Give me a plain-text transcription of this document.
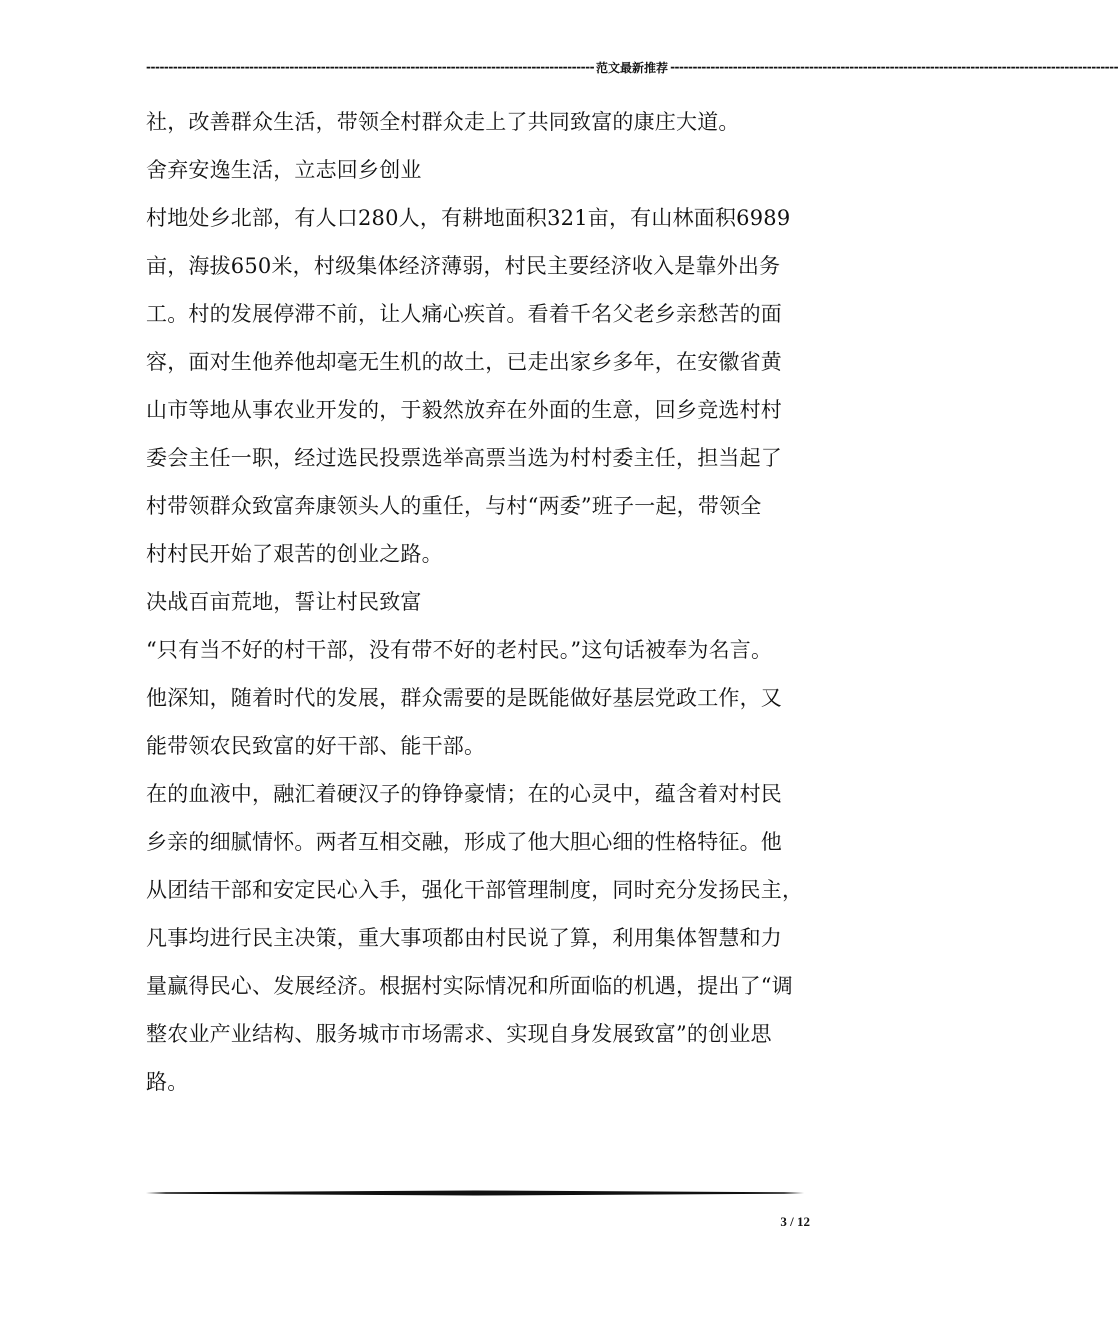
---------------------------------------------------------------------------------------------------- 范文最新推荐 ----------------------------------------------------------------------------------------------------
社，改善群众生活，带领全村群众走上了共同致富的康庄大道。
舍弃安逸生活，立志回乡创业
村地处乡北部，有人口280人，有耕地面积321亩，有山林面积6989
亩，海拔650米，村级集体经济薄弱，村民主要经济收入是靠外出务
工。村的发展停滞不前，让人痛心疾首。看着千名父老乡亲愁苦的面
容，面对生他养他却毫无生机的故土，已走出家乡多年，在安徽省黄
山市等地从事农业开发的，于毅然放弃在外面的生意，回乡竞选村村
委会主任一职，经过选民投票选举高票当选为村村委主任，担当起了
村带领群众致富奔康领头人的重任，与村“两委”班子一起，带领全
村村民开始了艰苦的创业之路。
决战百亩荒地，誓让村民致富
“只有当不好的村干部，没有带不好的老村民。”这句话被奉为名言。
他深知，随着时代的发展，群众需要的是既能做好基层党政工作，又
能带领农民致富的好干部、能干部。
在的血液中，融汇着硬汉子的铮铮豪情；在的心灵中，蕴含着对村民
乡亲的细腻情怀。两者互相交融，形成了他大胆心细的性格特征。他
从团结干部和安定民心入手，强化干部管理制度，同时充分发扬民主，
凡事均进行民主决策，重大事项都由村民说了算，利用集体智慧和力
量赢得民心、发展经济。根据村实际情况和所面临的机遇，提出了“调
整农业产业结构、服务城市市场需求、实现自身发展致富”的创业思
路。
3 / 12
